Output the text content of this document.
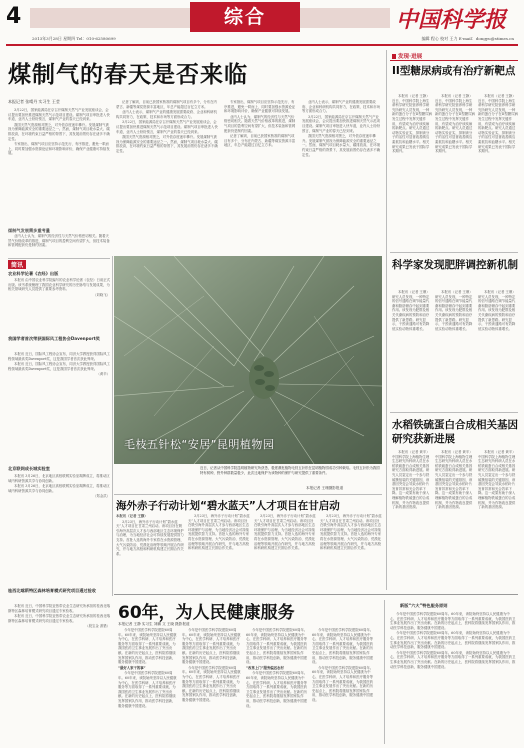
4	综合	中国科学报
2013年3月28日 星期四 Tel：010-62580699	编辑 程心 校对 王力 E-mail：dongyu@stimes.cn
煤制气的春天是否来临
本报记者 张晴丹 实习生 王莹

3月22日，国家能源局在京召开煤制天然气产业发展座谈会，会议提出要加快推进煤制天然气示范项目建设。煤制气项目审批进入快车道，业内人士纷纷预言，煤制气产业的春天已经到来。

我国天然气资源相对匮乏，对外依存度逐年攀升。发展煤制气被视为保障能源安全的重要途径之一。然而，煤制气项目耗水量大、碳排放高，在环境约束日益严格的背景下，其发展前景仍存在诸多不确定性。

专家指出，煤制气项目应坚持示范先行、有序推进，避免一哄而上，同时要加强水资源论证和环境影响评价，确保产业健康可持续发展。

煤制气发展需多重考量

业内人士认为，煤制气的经济性与天然气价格密切相关。随着天然气价格改革的推进，煤制气项目的盈利空间有望扩大，但技术装备和管网配套仍是制约因素。

记者了解到，目前已获国家核准的煤制气项目有多个，分布在内蒙古、新疆等煤炭资源丰富地区，年总产能超过百亿立方米。

业内人士表示，煤制气产业的健康发展需要政府、企业和科研机构共同努力，在政策、技术和市场等方面形成合力。

3月22日，国家能源局在京召开煤制天然气产业发展座谈会，会议提出要加快推进煤制天然气示范项目建设。煤制气项目审批进入快车道，业内人士纷纷预言，煤制气产业的春天已经到来。

我国天然气资源相对匮乏，对外依存度逐年攀升。发展煤制气被视为保障能源安全的重要途径之一。然而，煤制气项目耗水量大、碳排放高，在环境约束日益严格的背景下，其发展前景仍存在诸多不确定性。

专家指出，煤制气项目应坚持示范先行、有序推进，避免一哄而上，同时要加强水资源论证和环境影响评价，确保产业健康可持续发展。

业内人士认为，煤制气的经济性与天然气价格密切相关。随着天然气价格改革的推进，煤制气项目的盈利空间有望扩大，但技术装备和管网配套仍是制约因素。

记者了解到，目前已获国家核准的煤制气项目有多个，分布在内蒙古、新疆等煤炭资源丰富地区，年总产能超过百亿立方米。

业内人士表示，煤制气产业的健康发展需要政府、企业和科研机构共同努力，在政策、技术和市场等方面形成合力。

3月22日，国家能源局在京召开煤制天然气产业发展座谈会，会议提出要加快推进煤制天然气示范项目建设。煤制气项目审批进入快车道，业内人士纷纷预言，煤制气产业的春天已经到来。

我国天然气资源相对匮乏，对外依存度逐年攀升。发展煤制气被视为保障能源安全的重要途径之一。然而，煤制气项目耗水量大、碳排放高，在环境约束日益严格的背景下，其发展前景仍存在诸多不确定性。

简讯
农业科学论著《农经》出版

本报讯 由中国农业科学院编写的农业科学论著《农经》日前正式出版。该书系统梳理了我国农业科学研究的历史脉络与发展成果，为相关领域研究人员提供了重要参考资料。

（刘晓飞）

我国学者首次荣获国际风工程协会Davenport奖

本报讯 近日，国际风工程协会宣布，同济大学教授获得国际风工程领域最高奖Davenport奖，这是我国学者首次获此殊荣。

本报讯 近日，国际风工程协会宣布，同济大学教授获得国际风工程领域最高奖Davenport奖，这是我国学者首次获此殊荣。

（黄辛）

北京联网成长城实验室

本报讯 3月26日，北京地区高校联网实验室揭牌成立，将推动区域内科研资源共享与协同创新。

本报讯 3月26日，北京地区高校联网实验室揭牌成立，将推动区域内科研资源共享与协同创新。

（郑金武）

桂西北喀斯特区森林培育模式研究项目通过验收

本报讯 近日，中国科学院亚热带农业生态研究所承担的桂西北喀斯特区森林培育模式研究项目通过专家验收。

本报讯 近日，中国科学院亚热带农业生态研究所承担的桂西北喀斯特区森林培育模式研究项目通过专家验收。

（段宝金 游猎）

毛枝五针松“安居”昆明植物园

近日，记者从中国科学院昆明植物研究所获悉，极度濒危植物毛枝五针松在昆明植物园成功引种栽培。毛枝五针松为我国特有树种，野外种群数量极少，此次迁地保护为该物种的保护与研究提供了重要条件。

本报记者 王珊摄影报道
海外赤子行动计划“碧水蓝天”人才项目在甘启动

本报讯（记者 王静）

3月23日，海外赤子行动计划“碧水蓝天”人才项目在甘肃兰州启动。该项目旨在吸引海外高层次人才参与西部地区生态环境保护与治理，为当地经济社会可持续发展提供智力支持。首批入选的海外专家将在水资源管理、大气污染防治、荒漠化治理等领域开展合作研究，并与地方高校和科研机构建立长期合作关系。

3月23日，海外赤子行动计划“碧水蓝天”人才项目在甘肃兰州启动。该项目旨在吸引海外高层次人才参与西部地区生态环境保护与治理，为当地经济社会可持续发展提供智力支持。首批入选的海外专家将在水资源管理、大气污染防治、荒漠化治理等领域开展合作研究，并与地方高校和科研机构建立长期合作关系。

3月23日，海外赤子行动计划“碧水蓝天”人才项目在甘肃兰州启动。该项目旨在吸引海外高层次人才参与西部地区生态环境保护与治理，为当地经济社会可持续发展提供智力支持。首批入选的海外专家将在水资源管理、大气污染防治、荒漠化治理等领域开展合作研究，并与地方高校和科研机构建立长期合作关系。

3月23日，海外赤子行动计划“碧水蓝天”人才项目在甘肃兰州启动。该项目旨在吸引海外高层次人才参与西部地区生态环境保护与治理，为当地经济社会可持续发展提供智力支持。首批入选的海外专家将在水资源管理、大气污染防治、荒漠化治理等领域开展合作研究，并与地方高校和科研机构建立长期合作关系。

60年，为人民健康服务
本报记者 王静 实习生 刘鹏 文 王晓 摄影报道

今年是中国医学科学院建院60周年。60年来，该院始终坚持以人民健康为中心，在医学科研、人才培养和医疗服务等方面取得了一系列重要成就，为我国医药卫生事业发展作出了突出贡献。在新的历史起点上，医科院将继续发挥国家队作用，推动医学科技创新，服务健康中国建设。

“最好人家干的事”

今年是中国医学科学院建院60周年。60年来，该院始终坚持以人民健康为中心，在医学科研、人才培养和医疗服务等方面取得了一系列重要成就，为我国医药卫生事业发展作出了突出贡献。在新的历史起点上，医科院将继续发挥国家队作用，推动医学科技创新，服务健康中国建设。

今年是中国医学科学院建院60周年。60年来，该院始终坚持以人民健康为中心，在医学科研、人才培养和医疗服务等方面取得了一系列重要成就，为我国医药卫生事业发展作出了突出贡献。在新的历史起点上，医科院将继续发挥国家队作用，推动医学科技创新，服务健康中国建设。

今年是中国医学科学院建院60周年。60年来，该院始终坚持以人民健康为中心，在医学科研、人才培养和医疗服务等方面取得了一系列重要成就，为我国医药卫生事业发展作出了突出贡献。在新的历史起点上，医科院将继续发挥国家队作用，推动医学科技创新，服务健康中国建设。

今年是中国医学科学院建院60周年。60年来，该院始终坚持以人民健康为中心，在医学科研、人才培养和医疗服务等方面取得了一系列重要成就，为我国医药卫生事业发展作出了突出贡献。在新的历史起点上，医科院将继续发挥国家队作用，推动医学科技创新，服务健康中国建设。

“改革上门”服务偏远农村

今年是中国医学科学院建院60周年。60年来，该院始终坚持以人民健康为中心，在医学科研、人才培养和医疗服务等方面取得了一系列重要成就，为我国医药卫生事业发展作出了突出贡献。在新的历史起点上，医科院将继续发挥国家队作用，推动医学科技创新，服务健康中国建设。

今年是中国医学科学院建院60周年。60年来，该院始终坚持以人民健康为中心，在医学科研、人才培养和医疗服务等方面取得了一系列重要成就，为我国医药卫生事业发展作出了突出贡献。在新的历史起点上，医科院将继续发挥国家队作用，推动医学科技创新，服务健康中国建设。

今年是中国医学科学院建院60周年。60年来，该院始终坚持以人民健康为中心，在医学科研、人才培养和医疗服务等方面取得了一系列重要成就，为我国医药卫生事业发展作出了突出贡献。在新的历史起点上，医科院将继续发挥国家队作用，推动医学科技创新，服务健康中国建设。

新版“六大”特色服务原则

今年是中国医学科学院建院60周年。60年来，该院始终坚持以人民健康为中心，在医学科研、人才培养和医疗服务等方面取得了一系列重要成就，为我国医药卫生事业发展作出了突出贡献。在新的历史起点上，医科院将继续发挥国家队作用，推动医学科技创新，服务健康中国建设。

今年是中国医学科学院建院60周年。60年来，该院始终坚持以人民健康为中心，在医学科研、人才培养和医疗服务等方面取得了一系列重要成就，为我国医药卫生事业发展作出了突出贡献。在新的历史起点上，医科院将继续发挥国家队作用，推动医学科技创新，服务健康中国建设。

今年是中国医学科学院建院60周年。60年来，该院始终坚持以人民健康为中心，在医学科研、人才培养和医疗服务等方面取得了一系列重要成就，为我国医药卫生事业发展作出了突出贡献。在新的历史起点上，医科院将继续发挥国家队作用，推动医学科技创新，服务健康中国建设。

发现·进展
II型糖尿病或有治疗新靶点

本报讯（记者 王静）近日，中国科学院上海生命科学研究院营养科学研究所研究人员发现，一种新的蛋白分子在II型糖尿病发生过程中发挥关键作用，有望成为治疗该疾病的新靶点。研究人员通过动物实验证实，抑制该分子的活性可显著改善胰岛素抵抗和血糖水平。相关研究成果已发表于国际学术期刊。

本报讯（记者 王静）近日，中国科学院上海生命科学研究院营养科学研究所研究人员发现，一种新的蛋白分子在II型糖尿病发生过程中发挥关键作用，有望成为治疗该疾病的新靶点。研究人员通过动物实验证实，抑制该分子的活性可显著改善胰岛素抵抗和血糖水平。相关研究成果已发表于国际学术期刊。

本报讯（记者 王静）近日，中国科学院上海生命科学研究院营养科学研究所研究人员发现，一种新的蛋白分子在II型糖尿病发生过程中发挥关键作用，有望成为治疗该疾病的新靶点。研究人员通过动物实验证实，抑制该分子的活性可显著改善胰岛素抵抗和血糖水平。相关研究成果已发表于国际学术期刊。

科学家发现肥胖调控新机制

本报讯（记者 王珊）研究人员发现，一种特定的信号通路在调节能量代谢和脂肪储存中起到重要作用。该发现为肥胖及相关代谢疾病的预防和治疗提供了新思路。研究显示，干预该通路可有效降低实验动物体重增长。

本报讯（记者 王珊）研究人员发现，一种特定的信号通路在调节能量代谢和脂肪储存中起到重要作用。该发现为肥胖及相关代谢疾病的预防和治疗提供了新思路。研究显示，干预该通路可有效降低实验动物体重增长。

本报讯（记者 王珊）研究人员发现，一种特定的信号通路在调节能量代谢和脂肪储存中起到重要作用。该发现为肥胖及相关代谢疾病的预防和治疗提供了新思路。研究显示，干预该通路可有效降低实验动物体重增长。

水稻铁硫蛋白合成相关基因研究获新进展

本报讯（记者 黄辛）中国科学院上海植物生理生态研究所科研人员在水稻铁硫蛋白合成相关基因研究方面取得新进展。研究人员鉴定出一个参与铁硫簇组装的关键基因，该基因突变会导致水稻叶片发育异常和光合效率下降。这一成果有助于深入理解植物铁硫蛋白的合成机制，并为作物改良提供了新的基因资源。

本报讯（记者 黄辛）中国科学院上海植物生理生态研究所科研人员在水稻铁硫蛋白合成相关基因研究方面取得新进展。研究人员鉴定出一个参与铁硫簇组装的关键基因，该基因突变会导致水稻叶片发育异常和光合效率下降。这一成果有助于深入理解植物铁硫蛋白的合成机制，并为作物改良提供了新的基因资源。

本报讯（记者 黄辛）中国科学院上海植物生理生态研究所科研人员在水稻铁硫蛋白合成相关基因研究方面取得新进展。研究人员鉴定出一个参与铁硫簇组装的关键基因，该基因突变会导致水稻叶片发育异常和光合效率下降。这一成果有助于深入理解植物铁硫蛋白的合成机制，并为作物改良提供了新的基因资源。
